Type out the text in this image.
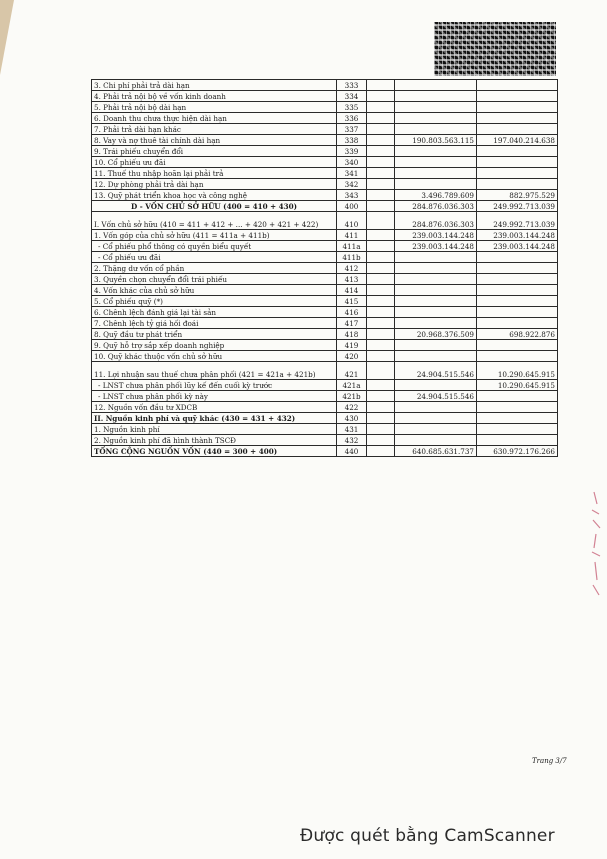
3. Chi phí phải trả dài hạn	333			
4. Phải trả nội bộ về vốn kinh doanh	334			
5. Phải trả nội bộ dài hạn	335			
6. Doanh thu chưa thực hiện dài hạn	336			
7. Phải trả dài hạn khác	337			
8. Vay và nợ thuê tài chính dài hạn	338		190.803.563.115	197.040.214.638
9. Trái phiếu chuyển đổi	339			
10. Cổ phiếu ưu đãi	340			
11. Thuế thu nhập hoãn lại phải trả	341			
12. Dự phòng phải trả dài hạn	342			
13. Quỹ phát triển khoa học và công nghệ	343		3.496.789.609	882.975.529
D - VỐN CHỦ SỞ HỮU (400 = 410 + 430)	400		284.876.036.303	249.992.713.039
I. Vốn chủ sở hữu (410 = 411 + 412 + ... + 420 + 421 + 422)	410		284.876.036.303	249.992.713.039
1. Vốn góp của chủ sở hữu (411 = 411a + 411b)	411		239.003.144.248	239.003.144.248
- Cổ phiếu phổ thông có quyền biểu quyết	411a		239.003.144.248	239.003.144.248
- Cổ phiếu ưu đãi	411b			
2. Thặng dư vốn cổ phần	412			
3. Quyền chọn chuyển đổi trái phiếu	413			
4. Vốn khác của chủ sở hữu	414			
5. Cổ phiếu quỹ (*)	415			
6. Chênh lệch đánh giá lại tài sản	416			
7. Chênh lệch tỷ giá hối đoái	417			
8. Quỹ đầu tư phát triển	418		20.968.376.509	698.922.876
9. Quỹ hỗ trợ sắp xếp doanh nghiệp	419			
10. Quỹ khác thuộc vốn chủ sở hữu	420			
11. Lợi nhuận sau thuế chưa phân phối (421 = 421a + 421b)	421		24.904.515.546	10.290.645.915
- LNST chưa phân phối lũy kế đến cuối kỳ trước	421a			10.290.645.915
- LNST chưa phân phối kỳ này	421b		24.904.515.546	
12. Nguồn vốn đầu tư XDCB	422			
II. Nguồn kinh phí và quỹ khác (430 = 431 + 432)	430			
1. Nguồn kinh phí	431			
2. Nguồn kinh phí đã hình thành TSCĐ	432			
TỔNG CỘNG NGUỒN VỐN (440 = 300 + 400)	440		640.685.631.737	630.972.176.266
Trang 3/7
Được quét bằng CamScanner
